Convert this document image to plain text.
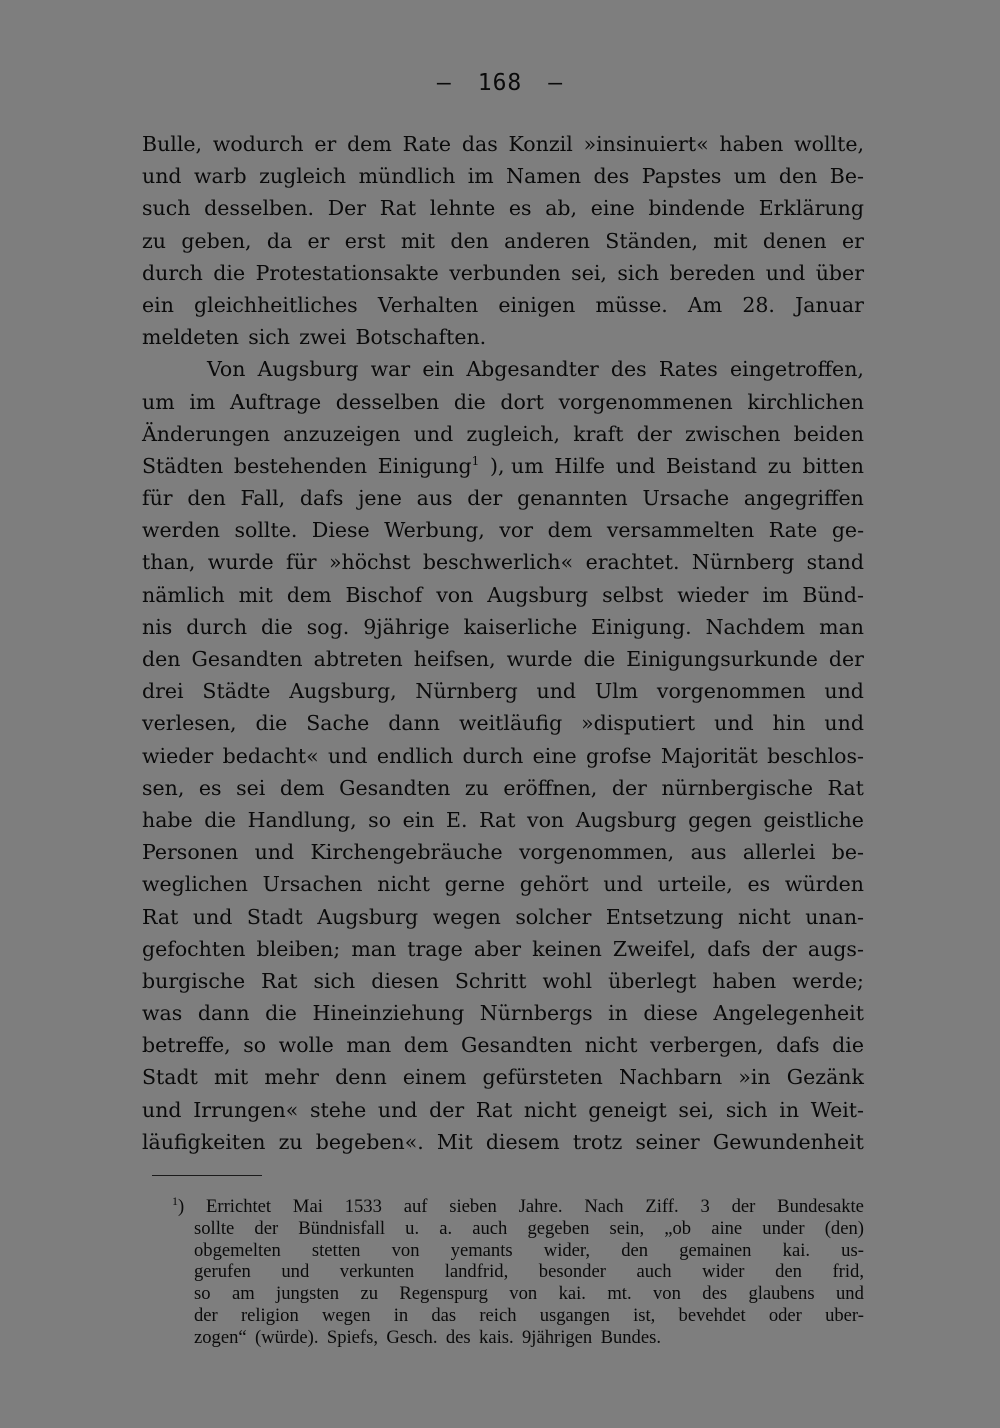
— 168 —
Bulle, wodurch er dem Rate das Konzil »insinuiert« haben wollte,
und warb zugleich mündlich im Namen des Papstes um den Be-
such desselben. Der Rat lehnte es ab, eine bindende Erklärung
zu geben, da er erst mit den anderen Ständen, mit denen er
durch die Protestationsakte verbunden sei, sich bereden und über
ein gleichheitliches Verhalten einigen müsse. Am 28. Januar
meldeten sich zwei Botschaften.
Von Augsburg war ein Abgesandter des Rates eingetroffen,
um im Auftrage desselben die dort vorgenommenen kirchlichen
Änderungen anzuzeigen und zugleich, kraft der zwischen beiden
Städten bestehenden Einigung$^1$ ), um Hilfe und Beistand zu bitten
für den Fall, dafs jene aus der genannten Ursache angegriffen
werden sollte. Diese Werbung, vor dem versammelten Rate ge-
than, wurde für »höchst beschwerlich« erachtet. Nürnberg stand
nämlich mit dem Bischof von Augsburg selbst wieder im Bünd-
nis durch die sog. 9jährige kaiserliche Einigung. Nachdem man
den Gesandten abtreten heifsen, wurde die Einigungsurkunde der
drei Städte Augsburg, Nürnberg und Ulm vorgenommen und
verlesen, die Sache dann weitläufig »disputiert und hin und
wieder bedacht« und endlich durch eine grofse Majorität beschlos-
sen, es sei dem Gesandten zu eröffnen, der nürnbergische Rat
habe die Handlung, so ein E. Rat von Augsburg gegen geistliche
Personen und Kirchengebräuche vorgenommen, aus allerlei be-
weglichen Ursachen nicht gerne gehört und urteile, es würden
Rat und Stadt Augsburg wegen solcher Entsetzung nicht unan-
gefochten bleiben; man trage aber keinen Zweifel, dafs der augs-
burgische Rat sich diesen Schritt wohl überlegt haben werde;
was dann die Hineinziehung Nürnbergs in diese Angelegenheit
betreffe, so wolle man dem Gesandten nicht verbergen, dafs die
Stadt mit mehr denn einem gefürsteten Nachbarn »in Gezänk
und Irrungen« stehe und der Rat nicht geneigt sei, sich in Weit-
läufigkeiten zu begeben«. Mit diesem trotz seiner Gewundenheit
$^1$) Errichtet Mai 1533 auf sieben Jahre. Nach Ziff. 3 der Bundesakte
sollte der Bündnisfall u. a. auch gegeben sein, „ob aine under (den)
obgemelten stetten von yemants wider, den gemainen kai. us-
gerufen und verkunten landfrid, besonder auch wider den frid,
so am jungsten zu Regenspurg von kai. mt. von des glaubens und
der religion wegen in das reich usgangen ist, bevehdet oder uber-
zogen“ (würde). Spiefs, Gesch. des kais. 9jährigen Bundes.
